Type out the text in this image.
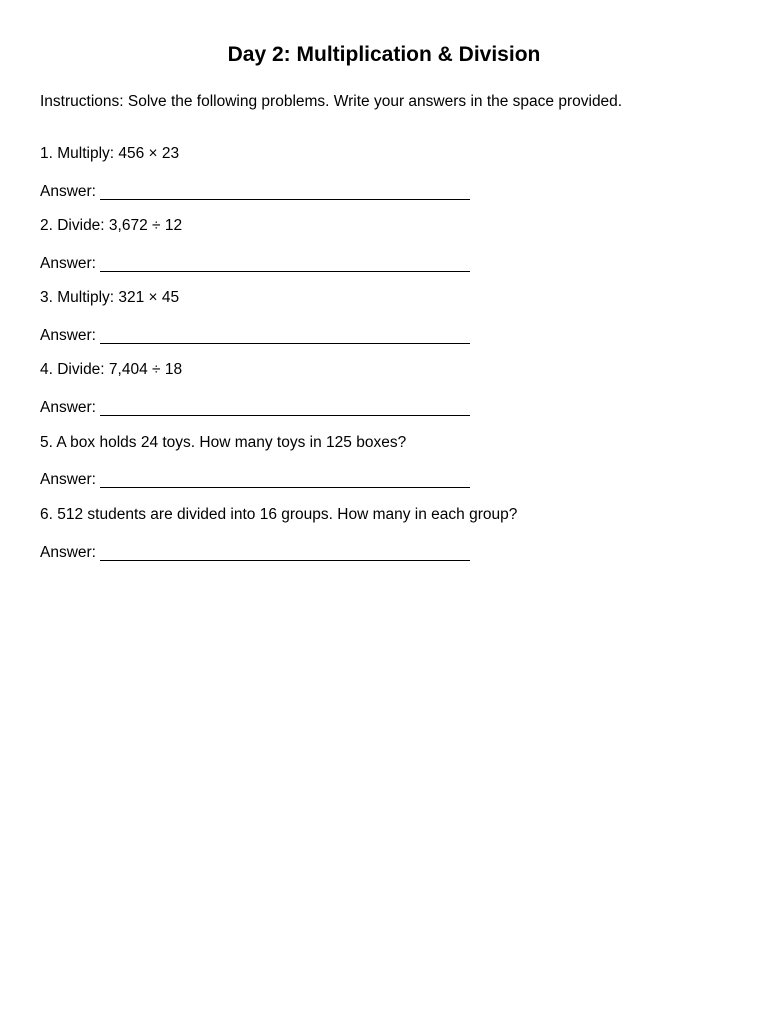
Day 2: Multiplication & Division

Instructions: Solve the following problems. Write your answers in the space provided.

1. Multiply: 456 × 23

Answer:

2. Divide: 3,672 ÷ 12

Answer:

3. Multiply: 321 × 45

Answer:

4. Divide: 7,404 ÷ 18

Answer:

5. A box holds 24 toys. How many toys in 125 boxes?

Answer:

6. 512 students are divided into 16 groups. How many in each group?

Answer:
